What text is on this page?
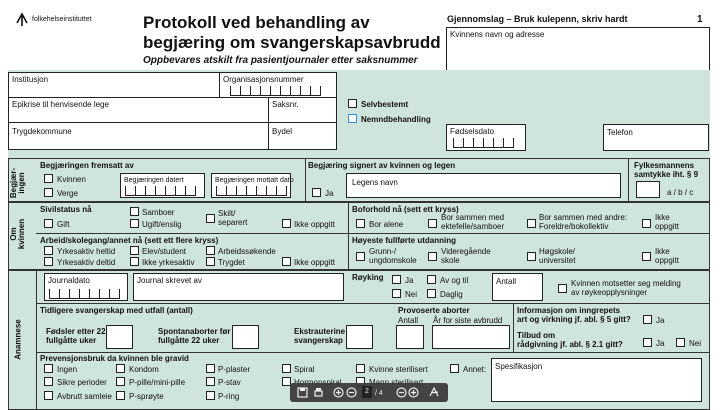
folkehelseinstituttet	Protokoll ved behandling av
begjæring om svangerskapsavbrudd
Oppbevares atskilt fra pasientjournaler etter saksnummer
Gjennomslag – Bruk kulepenn, skriv hardt	1
Kvinnens navn og adresse
Institusjon	Organisasjonsnummer
Epikrise til henvisende lege	Saksnr.
Trygdekommune	Bydel
Selvbestemt
Nemndbehandling
Fødselsdato	Telefon
Begjær-
ingen
Begjæringen fremsatt av
Kvinnen
Verge
Begjæringen datert	Begjæringen mottatt dato
Begjæring signert av kvinnen og legen
Ja
Legens navn
Fylkesmannens samtykke iht. § 9
a / b / c
Om
kvinnen
Sivilstatus nå
Gift
Samboer
Ugift/enslig
Skilt/
separert	Ikke oppgitt
Boforhold nå (sett ett kryss)
Bor alene
Bor sammen med
ektefelle/samboer
Bor sammen med andre:
Foreldre/bokollektiv
Ikke
oppgitt
Arbeid/skolegang/annet nå (sett ett flere kryss)
Yrkesaktiv heltid
Yrkesaktiv deltid
Elev/student
Ikke yrkesaktiv
Arbeidssøkende
Trygdet	Ikke oppgitt
Høyeste fullførte utdanning
Grunn-/
ungdomskole
Videregående
skole
Høgskole/
universitet
Ikke
oppgitt
Anamnese
Journaldato	Journal skrevet av	Røyking	Ja
Nei
Av og til
Daglig
Antall	Kvinnen motsetter seg melding
av røykeopplysninger
Tidligere svangerskap med utfall (antall)
Fødsler etter 22
fullgåtte uker
Spontanaborter før
fullgåtte 22 uker
Ekstrauterine
svangerskap
Provoserte aborter
Antall År for siste avbrudd
Informasjon om inngrepets
art og virkning jf. abl. § 5 gitt?	Ja
Tilbud om
rådgivning jf. abl. § 2.1 gitt?	Ja	Nei
Prevensjonsbruk da kvinnen ble gravid
Ingen	Kondom	P-plaster	Spiral	Kvinne sterilisert	Annet: Spesifikasjon
Sikre perioder	P-pille/mini-pille	P-stav
Avbrutt samleie P-sprøyte	P-ring
2 / 4
